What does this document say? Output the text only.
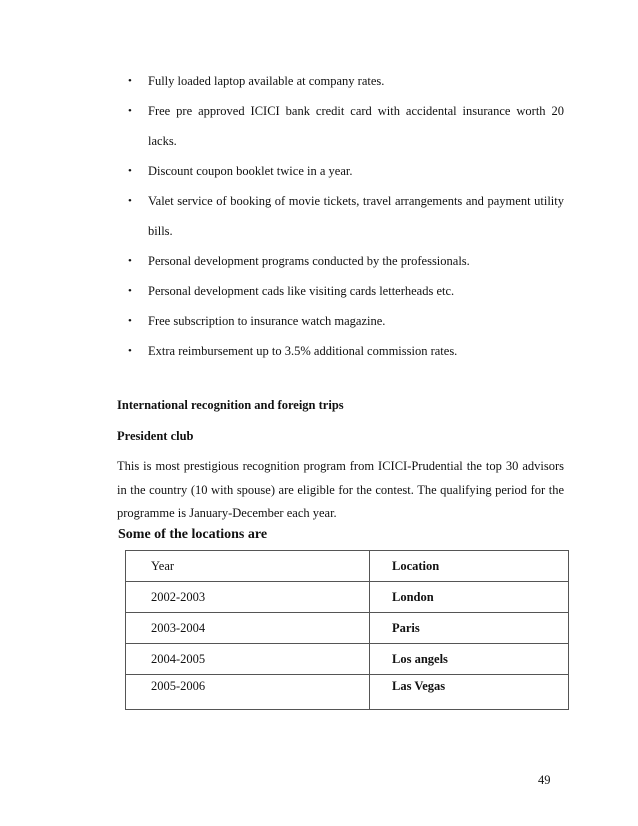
• Fully loaded laptop available at company rates.
• Free pre approved ICICI bank credit card with accidental insurance worth 20 lacks.
• Discount coupon booklet twice in a year.
• Valet service of booking of movie tickets, travel arrangements and payment utility bills.
• Personal development programs conducted by the professionals.
• Personal development cads like visiting cards letterheads etc.
• Free subscription to insurance watch magazine.
• Extra reimbursement up to 3.5% additional commission rates.
International recognition and foreign trips
President club

This is most prestigious recognition program from ICICI-Prudential the top 30 advisors in the country (10 with spouse) are eligible for the contest. The qualifying period for the programme is January-December each year.

Some of the locations are
Year	Location
2002-2003	London
2003-2004	Paris
2004-2005	Los angels
2005-2006	Las Vegas
49
